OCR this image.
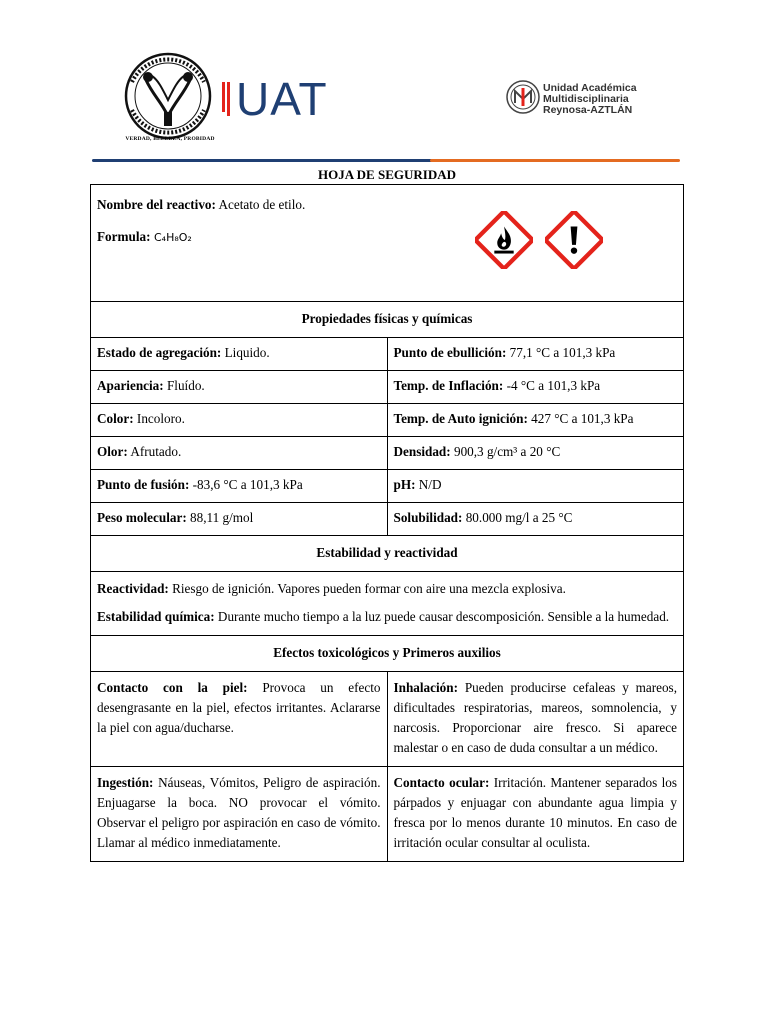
VERDAD, BELLEZA, PROBIDAD
UAT	Unidad Académica
Multidisciplinaria
Reynosa-AZTLÁN
HOJA DE SEGURIDAD

Nombre del reactivo: Acetato de etilo.

Formula: C₄H₈O₂	

Propiedades físicas y químicas	
Estado de agregación: Liquido.	Punto de ebullición: 77,1 °C a 101,3 kPa
Apariencia: Fluído.	Temp. de Inflación: -4 °C a 101,3 kPa
Color: Incoloro.	Temp. de Auto ignición: 427 °C a 101,3 kPa
Olor: Afrutado.	Densidad: 900,3 g/cm³ a 20 °C
Punto de fusión: -83,6 °C a 101,3 kPa	pH: N/D
Peso molecular: 88,11 g/mol	Solubilidad: 80.000 mg/l a 25 °C
Estabilidad y reactividad	

Reactividad: Riesgo de ignición. Vapores pueden formar con aire una mezcla explosiva.

Estabilidad química: Durante mucho tiempo a la luz puede causar descomposición. Sensible a la humedad.	

Efectos toxicológicos y Primeros auxilios	
Contacto con la piel: Provoca un efecto desengrasante en la piel, efectos irritantes. Aclararse la piel con agua/ducharse.	Inhalación: Pueden producirse cefaleas y mareos, dificultades respiratorias, mareos, somnolencia, y narcosis. Proporcionar aire fresco. Si aparece malestar o en caso de duda consultar a un médico.
Ingestión: Náuseas, Vómitos, Peligro de aspiración. Enjuagarse la boca. NO provocar el vómito. Observar el peligro por aspiración en caso de vómito. Llamar al médico inmediatamente.	Contacto ocular: Irritación. Mantener separados los párpados y enjuagar con abundante agua limpia y fresca por lo menos durante 10 minutos. En caso de irritación ocular consultar al oculista.
